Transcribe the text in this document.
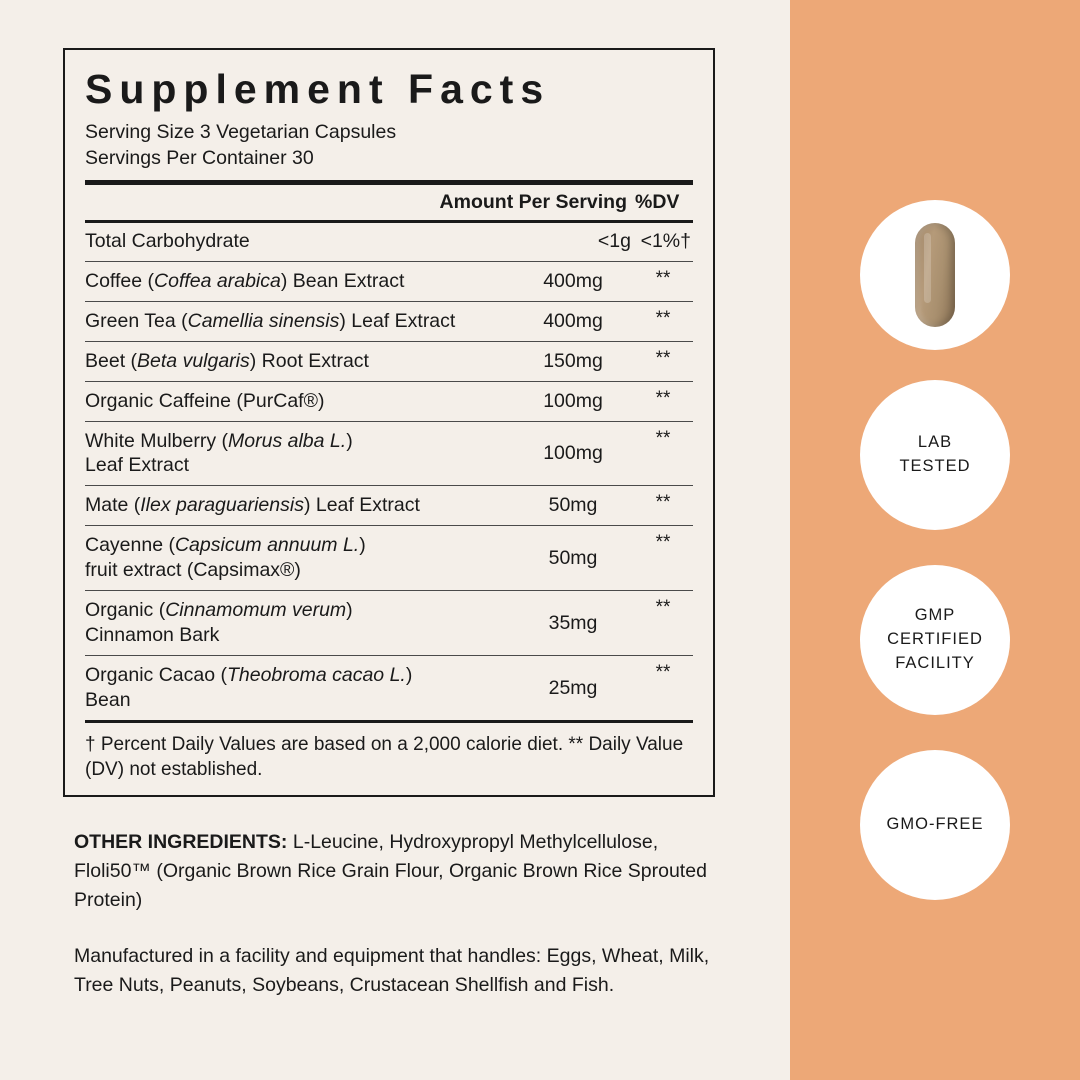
Supplement Facts
Serving Size 3 Vegetarian Capsules
Servings Per Container 30
Amount Per Serving %DV
Total Carbohydrate	<1g	<1%†
Coffee (Coffea arabica) Bean Extract	400mg	**
Green Tea (Camellia sinensis) Leaf Extract	400mg	**
Beet (Beta vulgaris) Root Extract	150mg	**
Organic Caffeine (PurCaf®)	100mg	**
White Mulberry (Morus alba L.)
Leaf Extract	100mg	**
Mate (Ilex paraguariensis) Leaf Extract	50mg	**
Cayenne (Capsicum annuum L.)
fruit extract (Capsimax®)	50mg	**
Organic (Cinnamomum verum)
Cinnamon Bark	35mg	**
Organic Cacao (Theobroma cacao L.)
Bean	25mg	**
† Percent Daily Values are based on a 2,000 calorie diet. ** Daily Value (DV) not established.
OTHER INGREDIENTS: L-Leucine, Hydroxypropyl Methylcellulose, Floli50™ (Organic Brown Rice Grain Flour, Organic Brown Rice Sprouted Protein)
Manufactured in a facility and equipment that handles: Eggs, Wheat, Milk, Tree Nuts, Peanuts, Soybeans, Crustacean Shellfish and Fish.
LAB
TESTED
GMP
CERTIFIED
FACILITY
GMO-FREE
